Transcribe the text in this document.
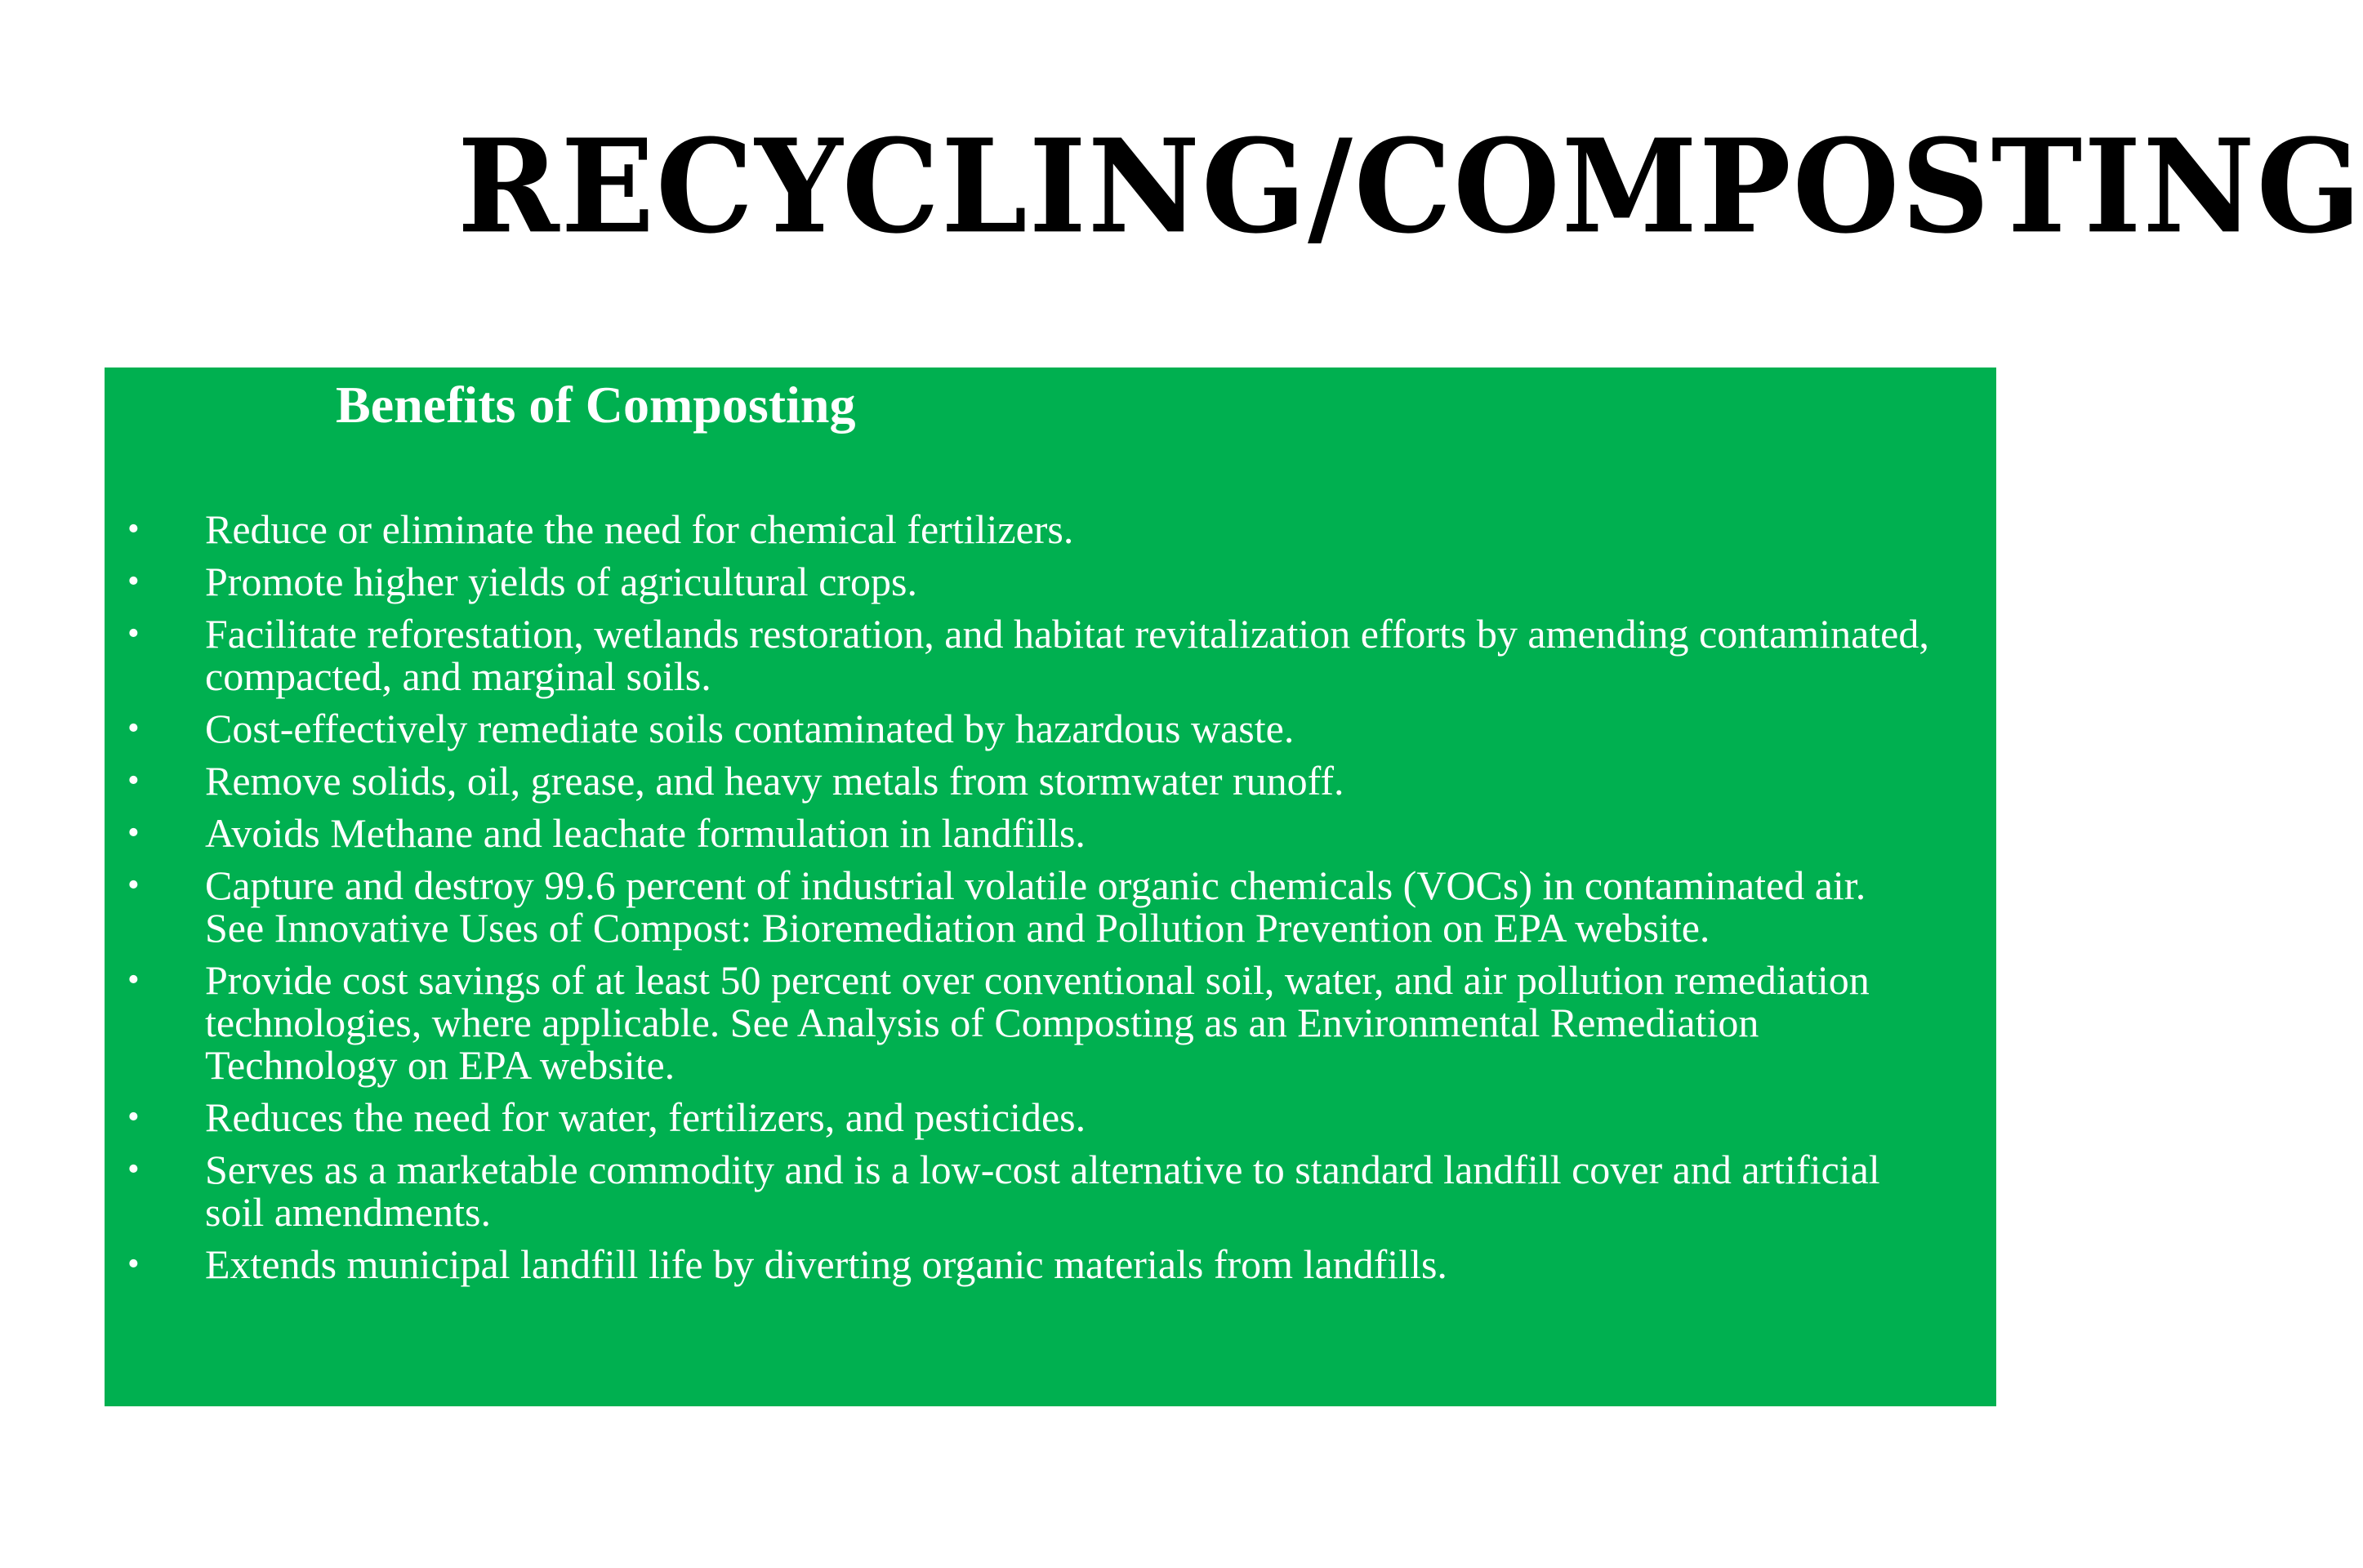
RECYCLING/COMPOSTING
Benefits of Composting
• Reduce or eliminate the need for chemical fertilizers.
• Promote higher yields of agricultural crops.
• Facilitate reforestation, wetlands restoration, and habitat revitalization efforts by amending contaminated, compacted, and marginal soils.
• Cost-effectively remediate soils contaminated by hazardous waste.
• Remove solids, oil, grease, and heavy metals from stormwater runoff.
• Avoids Methane and leachate formulation in landfills.
• Capture and destroy 99.6 percent of industrial volatile organic chemicals (VOCs) in contaminated air. See Innovative Uses of Compost: Bioremediation and Pollution Prevention on EPA website.
• Provide cost savings of at least 50 percent over conventional soil, water, and air pollution remediation technologies, where applicable. See Analysis of Composting as an Environmental Remediation Technology on EPA website.
• Reduces the need for water, fertilizers, and pesticides.
• Serves as a marketable commodity and is a low-cost alternative to standard landfill cover and artificial soil amendments.
• Extends municipal landfill life by diverting organic materials from landfills.
